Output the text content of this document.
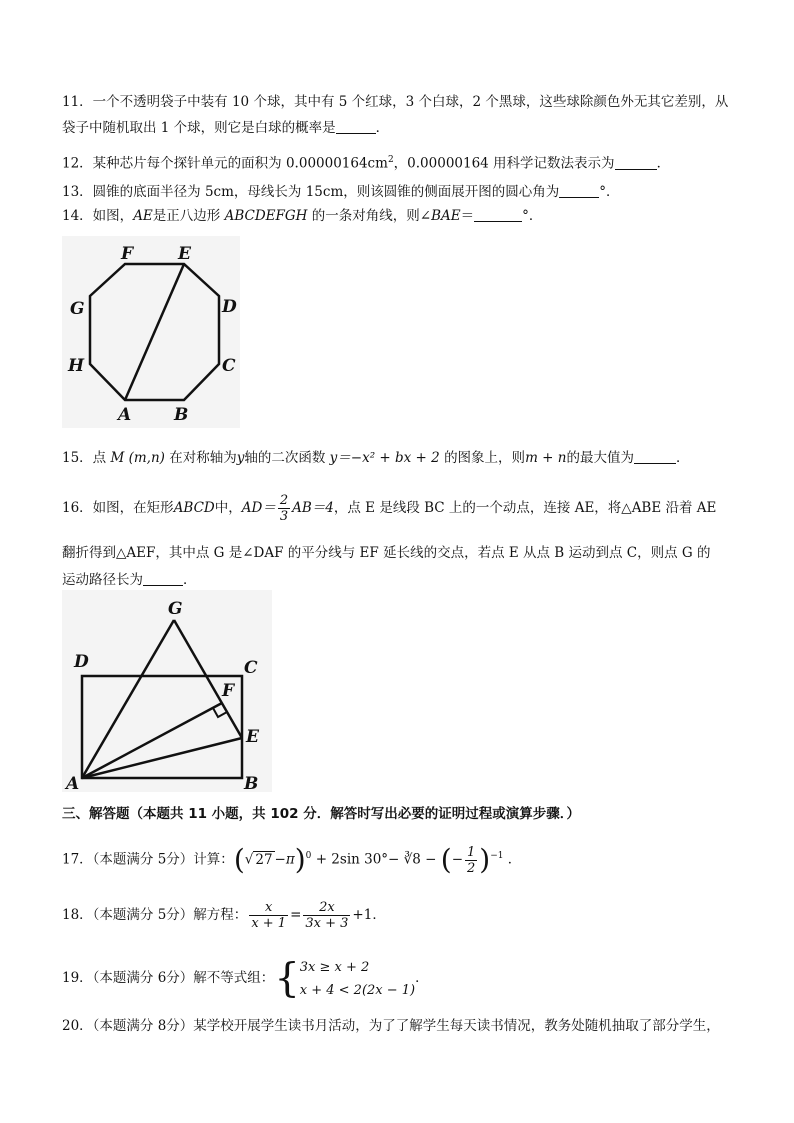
11．一个不透明袋子中装有 10 个球，其中有 5 个红球，3 个白球，2 个黑球，这些球除颜色外无其它差别，从
袋子中随机取出 1 个球，则它是白球的概率是	．
12．某种芯片每个探针单元的面积为 $0.00000164cm^2$，0.00000164 用科学记数法表示为	．
13．圆锥的底面半径为 5cm，母线长为 15cm，则该圆锥的侧面展开图的圆心角为	°．
14．如图，AE是正八边形 ABCDEFGH 的一条对角线，则∠BAE＝	°．
F	E
G	D
H	C
A	B
15．点 M (m,n) 在对称轴为y轴的二次函数 y＝−x² + bx + 2 的图象上，则m + n的最大值为	．
16．如图，在矩形ABCD中，$AD= \frac{2}{3} AB=4$，点 E 是线段 BC 上的一个动点，连接 AE，将△ABE 沿着 AE
翻折得到△AEF，其中点 G 是∠DAF 的平分线与 EF 延长线的交点，若点 E 从点 B 运动到点 C，则点 G 的
运动路径长为	．
G
D	C
F
E
A	B
三、解答题（本题共 11 小题，共 102 分．解答时写出必要的证明过程或演算步骤．）
17．（本题满分 5分）计算：(√ 27 −π)$^0$ + 2sin 30°− ∛8 − (− $\frac{1}{2} )^{-1}$ ．
18．（本题满分 5分）解方程： $\frac{x}{x + 1} = \frac{2x}{3x + 3} +1$．
19．（本题满分 6分）解不等式组：{ 3x ≥ x + 2
x + 4 < 2(2x − 1)
．
20．（本题满分 8分）某学校开展学生读书月活动，为了了解学生每天读书情况，教务处随机抽取了部分学生，
